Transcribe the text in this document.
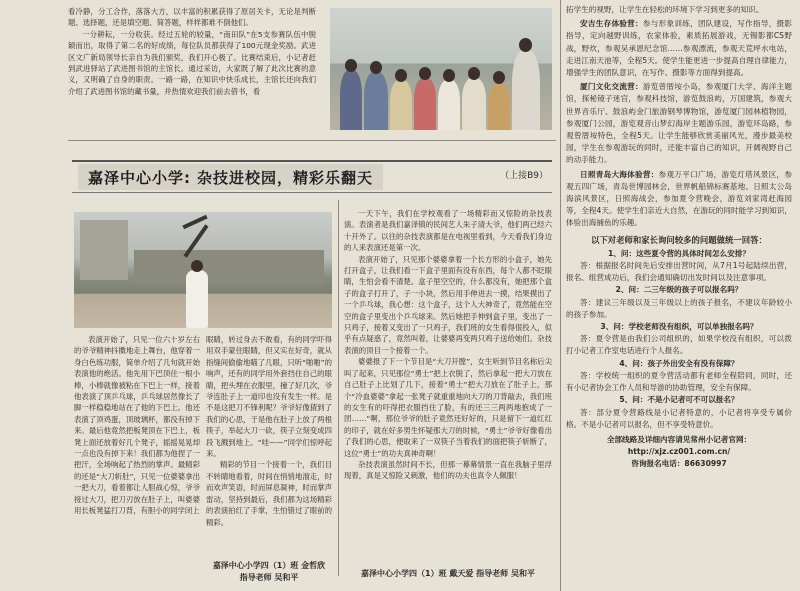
看冷静，分工合作，落落大方，以丰富的积累获得了原居关卡，无论是判断题、选择题，还是填空题、简答题，样样都难不倒他们。
一分耕耘，一分收获。经过五轮的较量，“南田队”在5支参赛队伍中脱颖而出，取得了第二名的好成绩，每位队员都获得了100元现金奖励。武进区文广新局领导长亲自为我们颁奖，我们开心极了。比赛结束后，小记者赶到武进驿站了武进图书馆的主馆长。通过采访，大家既了解了此次比赛的意义，又明确了自身的职责。一路一路，在知识中快乐成长，主馆长还向我们介绍了武进图书馆的藏书量，并热情欢迎我们前去借书，看
拓学生的视野，让学生在轻松的环境下学习到更多的知识。
安吉生存体验营：参与形象训练，团队建设，写作指导，摄影指导，定向越野训练，农家体验，素质拓展游戏，无锡影都CS野战，野炊，参观吴承恩纪念馆……参观漂流，参观天荒坪水电站，走进江南天池等，全程5天。使学生能更进一步提高自理自律能力，增强学生的团队意识，在写作、摄影等方面得到提高。
厦门文化交流营：游览曾厝垵小岛，参观厦门大学、海洋主题馆，探秘镜子迷宫，参观科技馆，游览鼓浪屿，万国建筑，参观大世界音乐厅、鼓浪屿金门旅游钢琴博物馆，游览厦门园林植物园，参观厦门公园，游览观音山梦幻海岸主题游乐园，游览环岛路，参观曾厝垵特色，全程5天。让学生能够欣赏美丽风光，漫步最美校园，学生在参观游玩的同时，还能丰富自己的知识，开阔视野自己的动手能力。
日照青岛大海体验营：参观万平口广场，游览灯塔风景区，参观五四广场，青岛世博园林会，世界帆船锦标赛基地、日照太公岛海滨风景区，日照海战会，参加夏令营晚会，游览刘家湾赶海园等，全程4天。使学生们亲近大自然，在游玩的同时能学习到知识，体验出海捕鱼的乐趣。
以下对老师和家长询问较多的问题做统一回答：
1、问：这些夏令营的具体时间怎么安排？
答：根据报名时间先后安排出营时间，从7月1号起陆续出营，报名、组营成功后，我们会通知确切出发时间以及注意事项。
2、问：二三年级的孩子可以报名吗？
答：建议三年级以及三年级以上的孩子报名，不建议年龄较小的孩子参加。
3、问：学校老师没有组织，可以单独报名吗？
答：夏令营是由我们公司组织的，如果学校没有组织，可以拨打小记者工作室电话进行个人报名。
4、问：孩子外出安全有没有保障？
答：学校统一组织的夏令营活动都有老师全程陪同，同时，还有小记者协会工作人员和导游的协助管理，安全有保障。
5、问：不是小记者可不可以报名？
答：部分夏令营路线是小记者特意的，小记者将享受专属价格。不是小记者可以报名，但不享受特意价。
全部线路及详细内容请见常州小记者官网：
http://xjz.cz001.com.cn/
咨询报名电话：86630997
嘉泽中心小学: 杂技进校园，精彩乐翻天	（上接B9）
表演开始了，只见一位六十岁左右的爷爷精神抖擞地走上舞台，他穿着一身白色练功服，简单介绍了几句就开始表演他的绝活。他先用下巴顶住一根小棒，小棒就像被粘在下巴上一样，接着他表演了顶乒乓球，乒乓球居然像长了脚一样稳稳地站在了他的下巴上。他还表演了顶鸡蛋，顶玻璃杯，都没有掉下来。最后他竟然把板凳顶在下巴上，板凳上面还放着好几个凳子，摇摇晃晃却一点也没有掉下来！我们都为他捏了一把汗，全场响起了热烈的掌声。最精彩的还是“大刀斩肚”，只见一位婆婆拿出一把大刀，看着都让人胆战心惊，爷爷接过大刀，把刀刃放在肚子上，叫婆婆用长板凳猛打刀背，有胆小的同学闭上
眼睛，转过身去不敢看，有的同学吓得用双手蒙住眼睛，但又实在好奇，就从指缝间偷偷地瞄了几眼，只听“啪啪”的响声，还有的同学用外套挡住自己的眼睛，把头埋在衣服里，撞了好几次，爷爷连肚子上一道印也没有发生一样。是不是这把刀不锋利呢？爷爷好像猜到了我们的心思，于是他在肚子上放了两根筷子，举起大刀一砍，筷子立刻变成四段飞溅到地上。“哇——”同学们惊呼起来。
精彩的节目一个接着一个，我们目不转睛地看着，时间在悄悄地溜走，时而欢声笑语，时而屏息凝神，时而掌声雷动，坚持到最后，我们都为这场精彩的表演拍红了手掌，生怕错过了眼前的精彩。
嘉泽中心小学四（1）班 金哲欣
指导老师 吴和平
一天下午，我们在学校观看了一场精彩而又惊险的杂技表演。表演者是我们嘉泽镇的民间艺人朱子清大爷，他们两已经六十开外了。以往的杂技表演都是在电视里看到，今天看我们身边的人来表演还是第一次。
表演开始了，只见那个婆婆拿着一个长方形的小盒子，她先打开盒子，让我们看一下盒子里面有没有东西，每个人都不眨眼睛，生怕会看不清楚。盒子里空空的，什么都没有，她把那个盒子的盒子打开了，子一小块，然后用手伸进去一摸，结果摸出了一个乒乓球，我心想：这个盒子，这个人大神奇了，竟然能在空空的盒子里变出个乒乓球来。然后她把手伸到盒子里，变出了一只鸡子，接着又变出了一只鸡子，我们班的女生看得很投入，似乎有点疑惑了，竟然叫着，让婆婆再变两只鸡子送给她们。杂技表演的顶目一个接着一个。
婆婆报了下一个节目是“大刀开膛”，女生听到节目名称后尖叫了起来，只见那位“勇士”把上衣脱了，然后拿起一把大刀放在自己肚子上比划了几下，接着“勇士”把大刀放在了肚子上，那个“冷血婆婆”拿起一张凳子就重重地向大刀的刀背敲去，我们班的女生有的吓得把衣服挡住了脸，有的还三三两两地抱成了一团……“啊，那位爷爷的肚子竟然还好好的，只是留下一道红红的印子，就在好多男生怀疑那大刀的时候，“勇士”爷爷好像看出了我们的心思，便取来了一双筷子当着我们的面把筷子斩断了，这位“勇士”的功夫真神奇啊！
杂技表演虽然时间不长，但那一幕幕情景一直在我脑子里浮现着，真是又惊险又刺激，他们的功夫也真令人佩服！
嘉泽中心小学四（1）班 戴天爱 指导老师 吴和平
